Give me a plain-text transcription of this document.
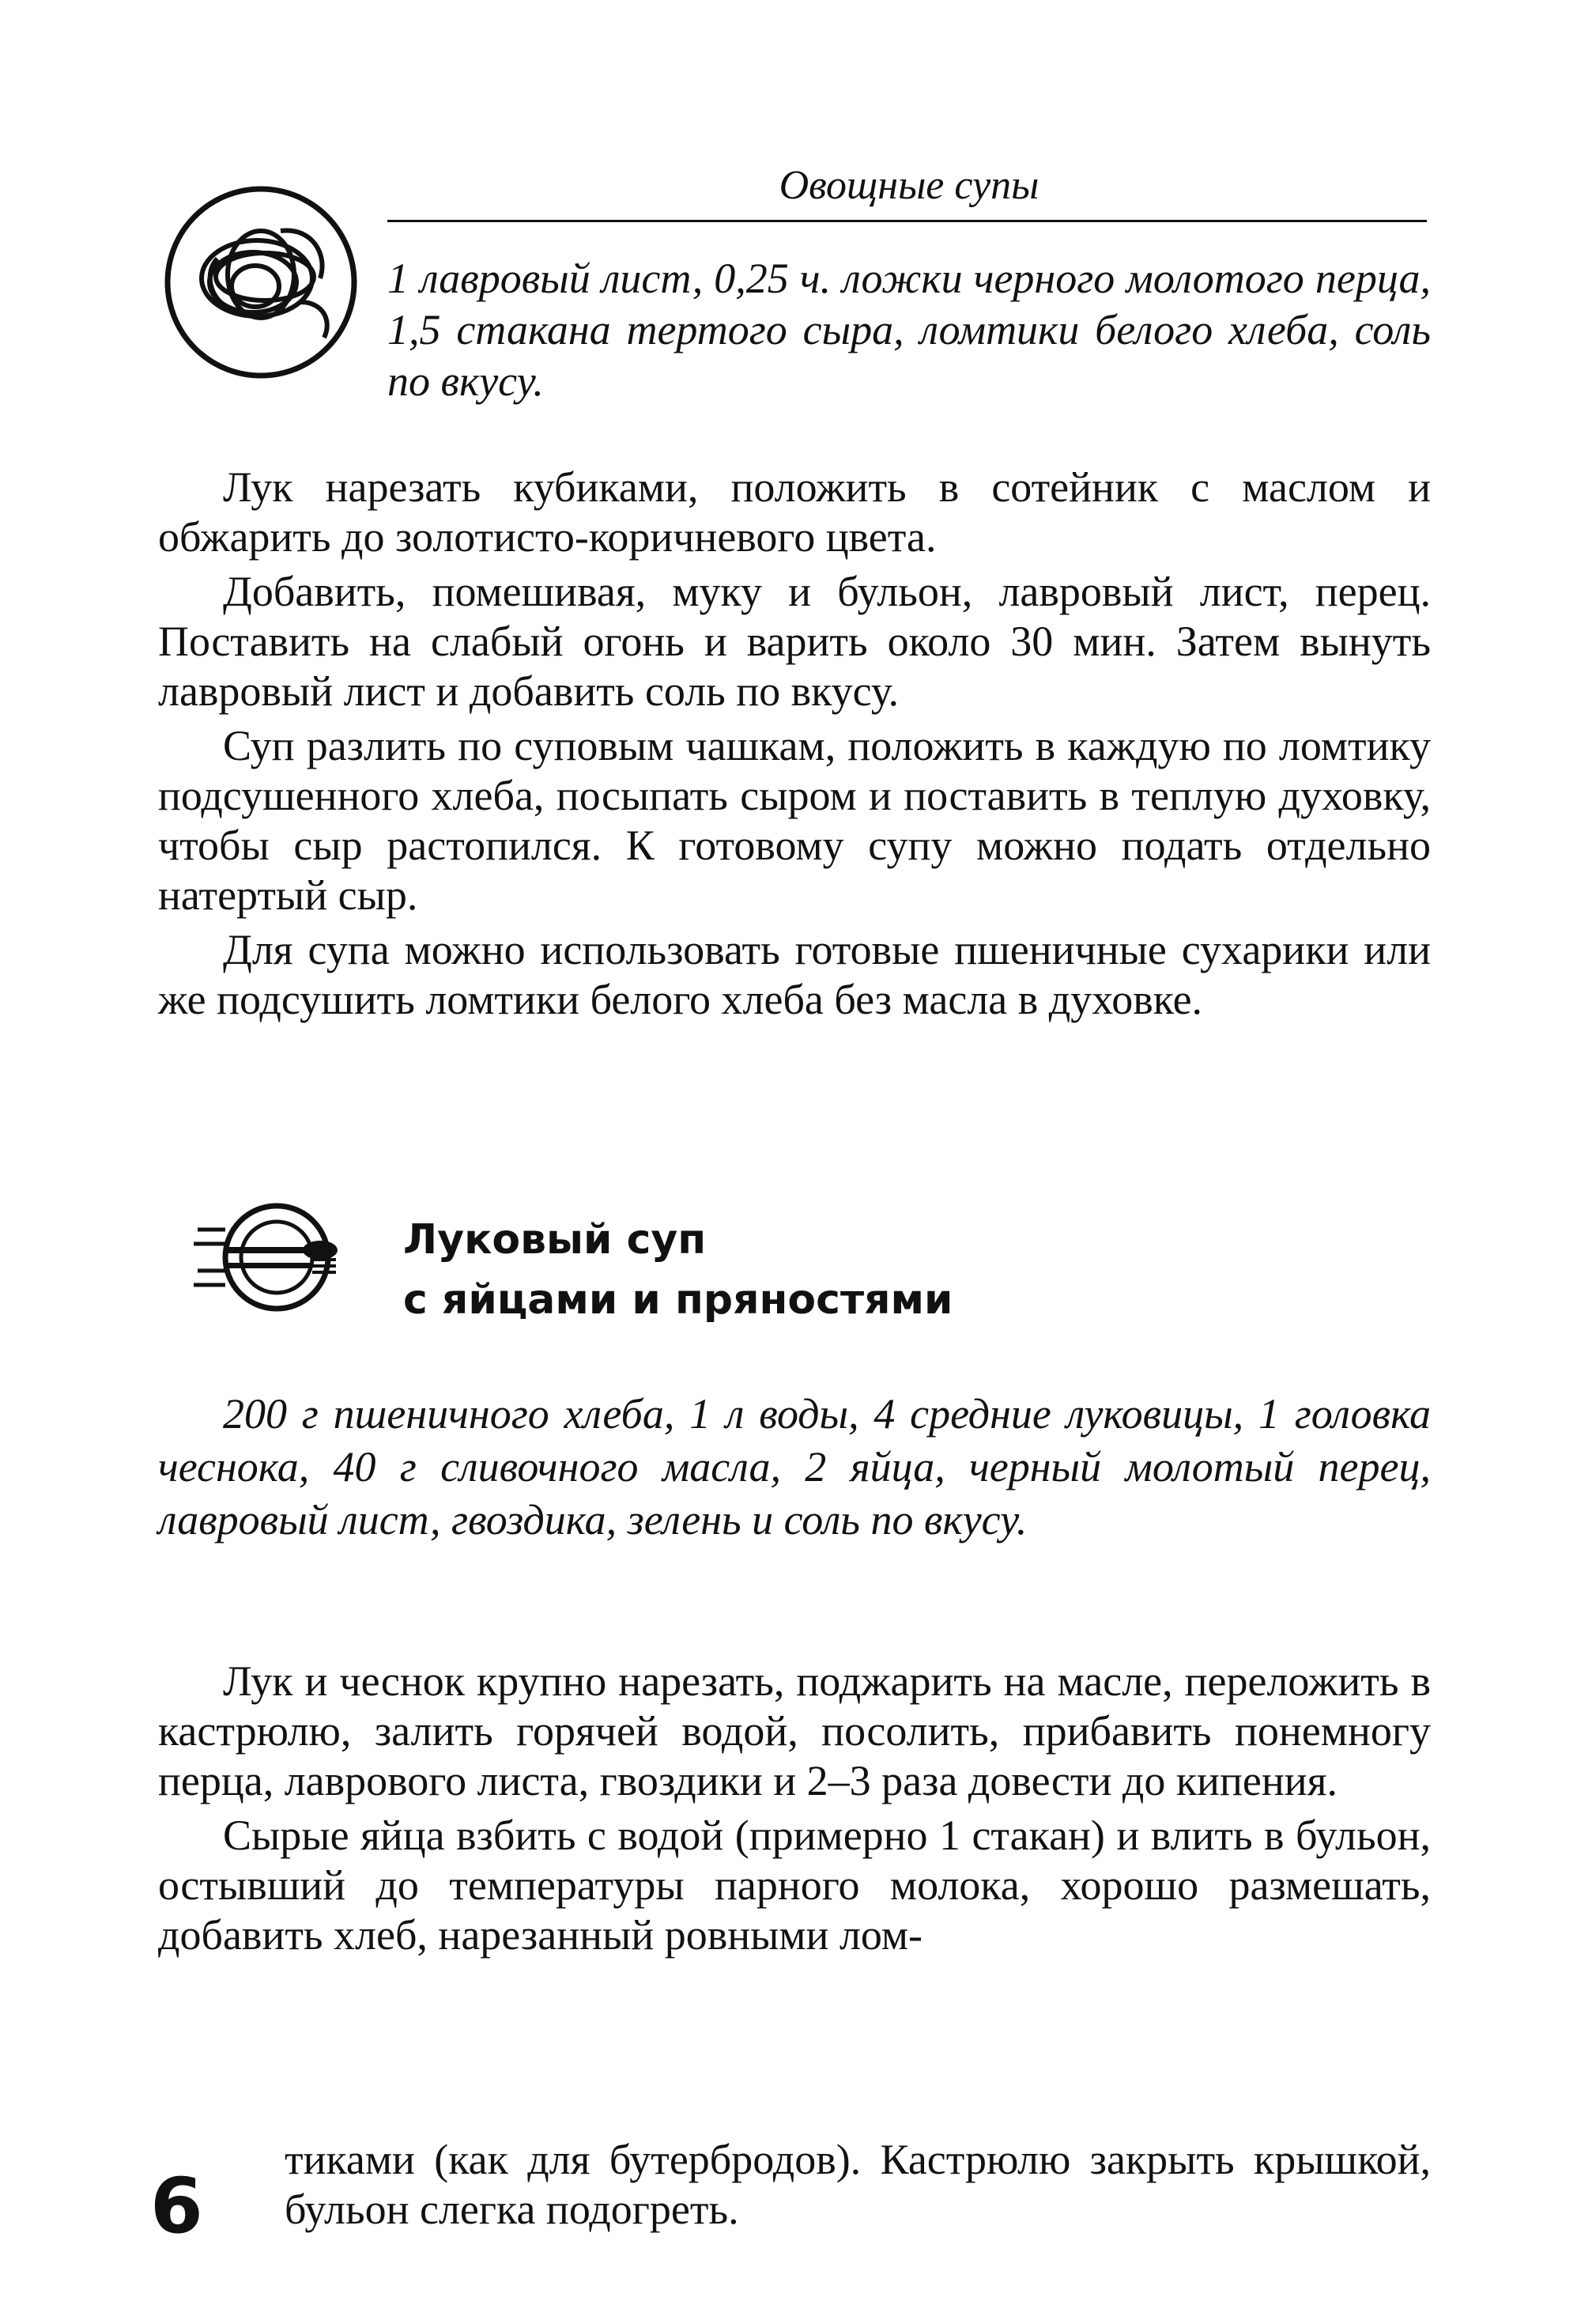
Овощные супы
1 лавровый лист, 0,25 ч. ложки черного молотого перца, 1,5 стакана тертого сыра, ломтики белого хлеба, соль по вкусу.

Лук нарезать кубиками, положить в сотейник с маслом и обжарить до золотисто-коричневого цвета.

Добавить, помешивая, муку и бульон, лавровый лист, перец. Поставить на слабый огонь и варить около 30 мин. Затем вынуть лавровый лист и добавить соль по вкусу.

Суп разлить по суповым чашкам, положить в каждую по ломтику подсушенного хлеба, посыпать сыром и поставить в теплую духовку, чтобы сыр растопился. К готовому супу можно подать отдельно натертый сыр.

Для супа можно использовать готовые пшеничные сухарики или же подсушить ломтики белого хлеба без масла в духовке.

Луковый суп
с яйцами и пряностями
200 г пшеничного хлеба, 1 л воды, 4 средние луковицы, 1 головка чеснока, 40 г сливочного масла, 2 яйца, черный молотый перец, лавровый лист, гвоздика, зелень и соль по вкусу.

Лук и чеснок крупно нарезать, поджарить на масле, переложить в кастрюлю, залить горячей водой, посолить, прибавить понемногу перца, лаврового листа, гвоздики и 2–3 раза довести до кипения.

Сырые яйца взбить с водой (примерно 1 стакан) и влить в бульон, остывший до температуры парного молока, хорошо размешать, добавить хлеб, нарезанный ровными лом-

тиками (как для бутербродов). Кастрюлю закрыть крышкой, бульон слегка подогреть.
6
